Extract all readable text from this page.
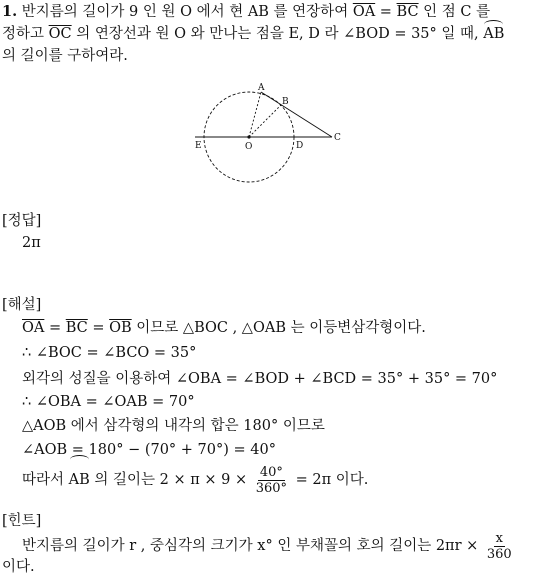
1. 반지름의 길이가 9 인 원 O 에서 현 AB 를 연장하여 $\overline{OA} = \overline{BC}$ 인 점 C 를
정하고 $\overline{OC}$ 의 연장선과 원 O 와 만나는 점을 E, D 라 ∠BOD = 35° 일 때, AB
의 길이를 구하여라.
A
B
C
D
E	O
[정답]
2π
[해설]
$\overline{OA} = \overline{BC} = \overline{OB}$ 이므로 △BOC , △OAB 는 이등변삼각형이다.
∴ ∠BOC = ∠BCO = 35°
외각의 성질을 이용하여 ∠OBA = ∠BOD + ∠BCD = 35° + 35° = 70°
∴ ∠OBA = ∠OAB = 70°
△AOB 에서 삼각형의 내각의 합은 180° 이므로
∠AOB = 180° − (70° + 70°) = 40°
따라서 AB 의 길이는 $2 \times \pi \times 9 \times \frac{40^\circ}{360^\circ} = 2\pi$ 이다.
[힌트]
반지름의 길이가 r , 중심각의 크기가 x° 인 부채꼴의 호의 길이는 $2\pi r \times \frac{x}{360}$
이다.
